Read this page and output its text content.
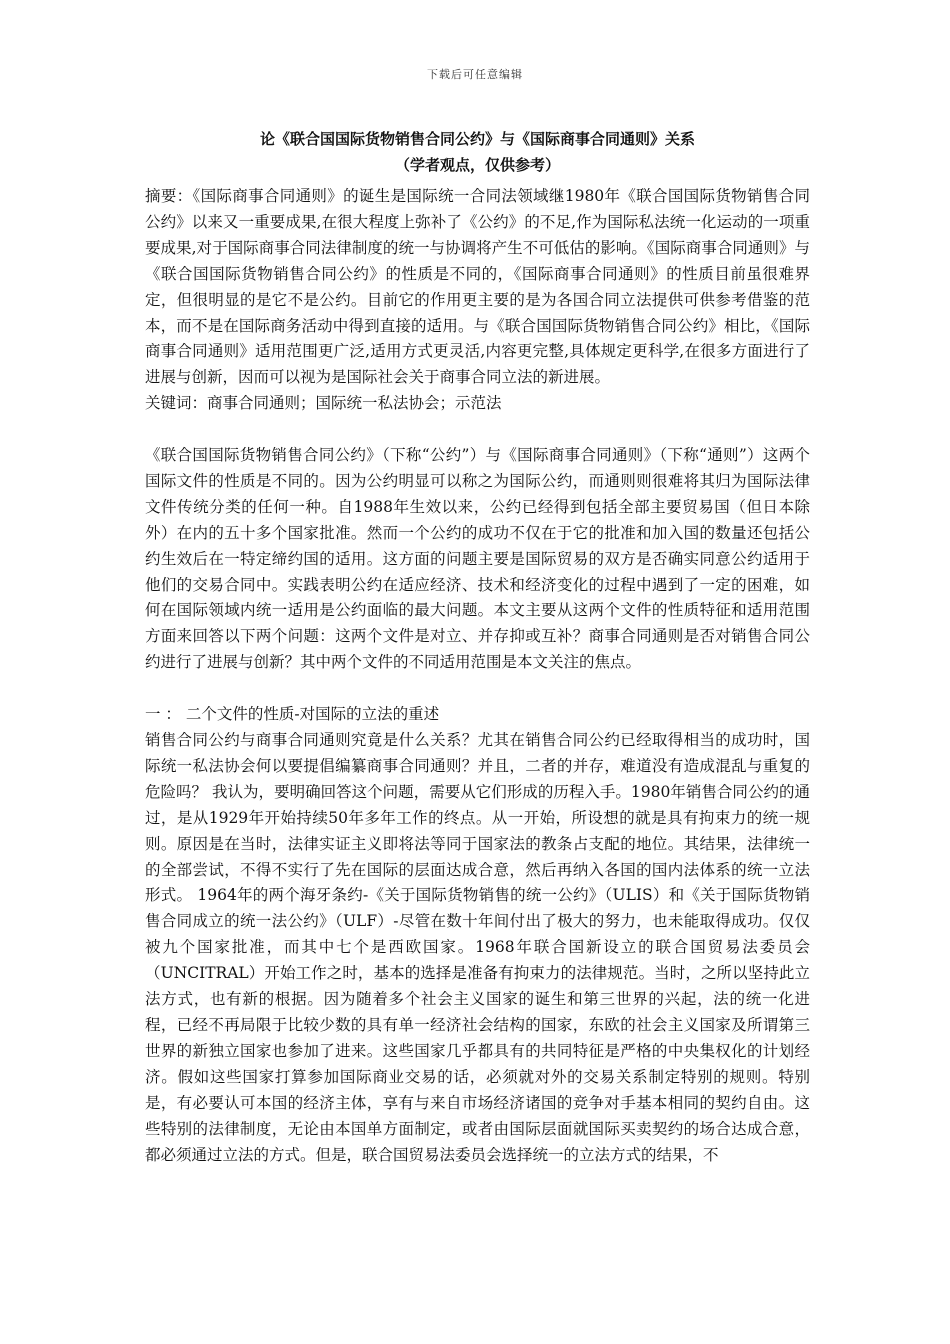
下载后可任意编辑
论《联合国国际货物销售合同公约》与《国际商事合同通则》关系
（学者观点，仅供参考）

摘要：《国际商事合同通则》的诞生是国际统一合同法领域继1980年《联合国国际货物销售合同公约》以来又一重要成果,在很大程度上弥补了《公约》的不足,作为国际私法统一化运动的一项重要成果,对于国际商事合同法律制度的统一与协调将产生不可低估的影响。《国际商事合同通则》与《联合国国际货物销售合同公约》的性质是不同的，《国际商事合同通则》的性质目前虽很难界定，但很明显的是它不是公约。目前它的作用更主要的是为各国合同立法提供可供参考借鉴的范本，而不是在国际商务活动中得到直接的适用。与《联合国国际货物销售合同公约》相比，《国际商事合同通则》适用范围更广泛,适用方式更灵活,内容更完整,具体规定更科学,在很多方面进行了进展与创新，因而可以视为是国际社会关于商事合同立法的新进展。

关键词：商事合同通则；国际统一私法协会；示范法

《联合国国际货物销售合同公约》（下称“公约”）与《国际商事合同通则》（下称“通则”）这两个国际文件的性质是不同的。因为公约明显可以称之为国际公约，而通则则很难将其归为国际法律文件传统分类的任何一种。自1988年生效以来，公约已经得到包括全部主要贸易国（但日本除外）在内的五十多个国家批准。然而一个公约的成功不仅在于它的批准和加入国的数量还包括公约生效后在一特定缔约国的适用。这方面的问题主要是国际贸易的双方是否确实同意公约适用于他们的交易合同中。实践表明公约在适应经济、技术和经济变化的过程中遇到了一定的困难，如何在国际领域内统一适用是公约面临的最大问题。本文主要从这两个文件的性质特征和适用范围方面来回答以下两个问题：这两个文件是对立、并存抑或互补？商事合同通则是否对销售合同公约进行了进展与创新？其中两个文件的不同适用范围是本文关注的焦点。

一 ： 二个文件的性质-对国际的立法的重述

销售合同公约与商事合同通则究竟是什么关系？尤其在销售合同公约已经取得相当的成功时，国际统一私法协会何以要提倡编纂商事合同通则？并且，二者的并存，难道没有造成混乱与重复的危险吗？ 我认为，要明确回答这个问题，需要从它们形成的历程入手。1980年销售合同公约的通过，是从1929年开始持续50年多年工作的终点。从一开始，所设想的就是具有拘束力的统一规则。原因是在当时，法律实证主义即将法等同于国家法的教条占支配的地位。其结果，法律统一的全部尝试，不得不实行了先在国际的层面达成合意，然后再纳入各国的国内法体系的统一立法形式。 1964年的两个海牙条约-《关于国际货物销售的统一公约》（ULIS）和《关于国际货物销售合同成立的统一法公约》（ULF）-尽管在数十年间付出了极大的努力，也未能取得成功。仅仅被九个国家批准，而其中七个是西欧国家。1968年联合国新设立的联合国贸易法委员会（UNCITRAL）开始工作之时，基本的选择是准备有拘束力的法律规范。当时，之所以坚持此立法方式，也有新的根据。因为随着多个社会主义国家的诞生和第三世界的兴起，法的统一化进程，已经不再局限于比较少数的具有单一经济社会结构的国家，东欧的社会主义国家及所谓第三世界的新独立国家也参加了进来。这些国家几乎都具有的共同特征是严格的中央集权化的计划经济。假如这些国家打算参加国际商业交易的话，必须就对外的交易关系制定特别的规则。特别是，有必要认可本国的经济主体，享有与来自市场经济诸国的竞争对手基本相同的契约自由。这些特别的法律制度，无论由本国单方面制定，或者由国际层面就国际买卖契约的场合达成合意，都必须通过立法的方式。但是，联合国贸易法委员会选择统一的立法方式的结果，不
